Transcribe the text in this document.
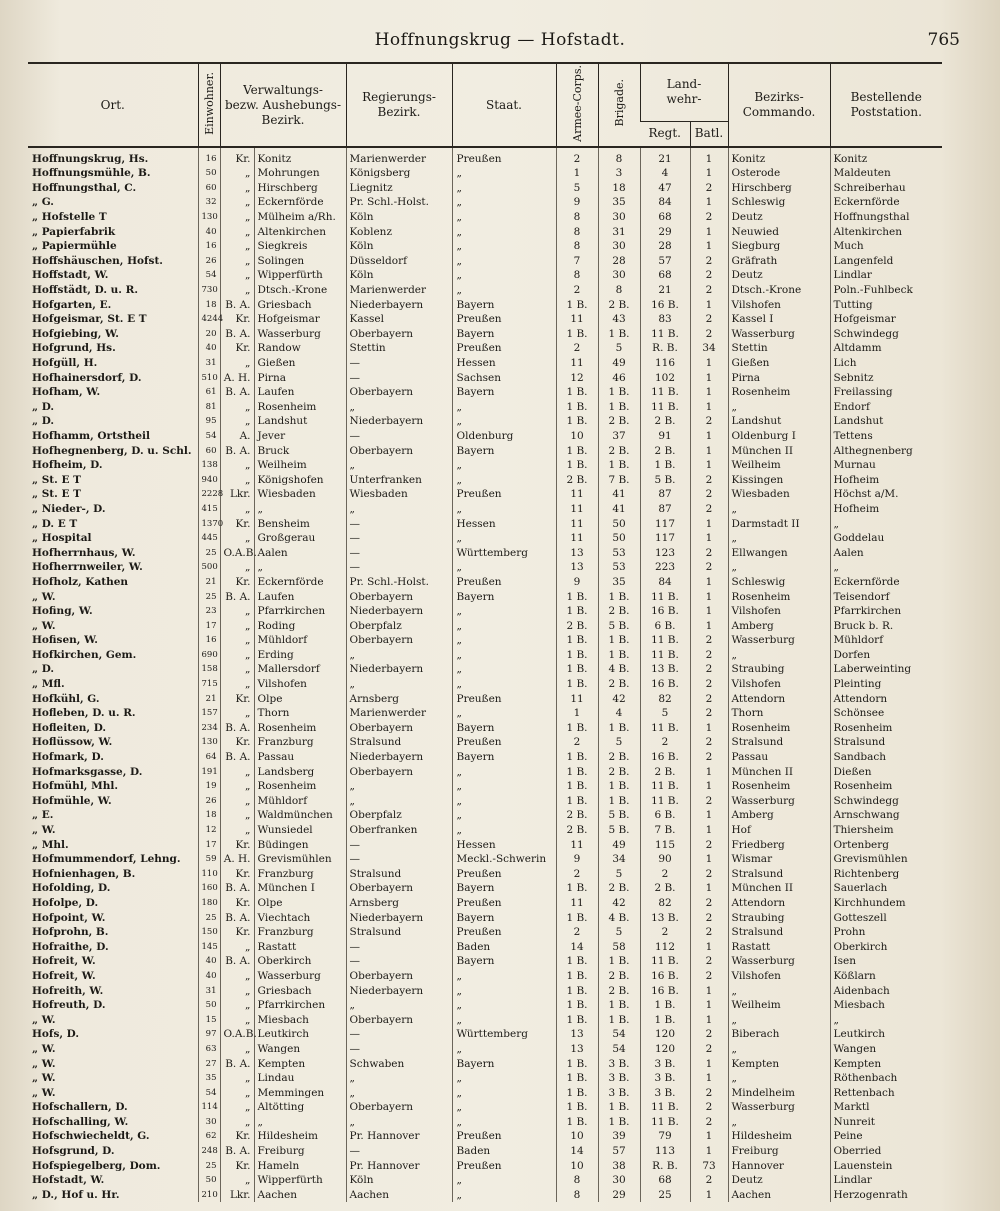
Hoffnungskrug — Hofstadt.	765
Ort.	Einwohner.	Verwaltungs-
bezw. Aushebungs-
Bezirk.		Regierungs-
Bezirk.	Staat.	Armee-Corps.	Brigade.	Land-
wehr-		Bezirks-
Commando.	Bestellende
Poststation.
								Regt.	Batl.		
Hoffnungskrug, Hs.	16	Kr.	Konitz	Marienwerder	Preußen	2	8	21	1	Konitz	Konitz
Hoffnungsmühle, B.	50	„	Mohrungen	Königsberg	„	1	3	4	1	Osterode	Maldeuten
Hoffnungsthal, C.	60	„	Hirschberg	Liegnitz	„	5	18	47	2	Hirschberg	Schreiberhau
„ G.	32	„	Eckernförde	Pr. Schl.-Holst.	„	9	35	84	1	Schleswig	Eckernförde
„ Hofstelle T	130	„	Mülheim a/Rh.	Köln	„	8	30	68	2	Deutz	Hoffnungsthal
„ Papierfabrik	40	„	Altenkirchen	Koblenz	„	8	31	29	1	Neuwied	Altenkirchen
„ Papiermühle	16	„	Siegkreis	Köln	„	8	30	28	1	Siegburg	Much
Hoffshäuschen, Hofst.	26	„	Solingen	Düsseldorf	„	7	28	57	2	Gräfrath	Langenfeld
Hoffstadt, W.	54	„	Wipperfürth	Köln	„	8	30	68	2	Deutz	Lindlar
Hoffstädt, D. u. R.	730	„	Dtsch.-Krone	Marienwerder	„	2	8	21	2	Dtsch.-Krone	Poln.-Fuhlbeck
Hofgarten, E.	18	B. A.	Griesbach	Niederbayern	Bayern	1 B.	2 B.	16 B.	1	Vilshofen	Tutting
Hofgeismar, St. E T	4244	Kr.	Hofgeismar	Kassel	Preußen	11	43	83	2	Kassel I	Hofgeismar
Hofgiebing, W.	20	B. A.	Wasserburg	Oberbayern	Bayern	1 B.	1 B.	11 B.	2	Wasserburg	Schwindegg
Hofgrund, Hs.	40	Kr.	Randow	Stettin	Preußen	2	5	R. B.	34	Stettin	Altdamm
Hofgüll, H.	31	„	Gießen	—	Hessen	11	49	116	1	Gießen	Lich
Hofhainersdorf, D.	510	A. H.	Pirna	—	Sachsen	12	46	102	1	Pirna	Sebnitz
Hofham, W.	61	B. A.	Laufen	Oberbayern	Bayern	1 B.	1 B.	11 B.	1	Rosenheim	Freilassing
„ D.	81	„	Rosenheim	„	„	1 B.	1 B.	11 B.	1	„	Endorf
„ D.	95	„	Landshut	Niederbayern	„	1 B.	2 B.	2 B.	2	Landshut	Landshut
Hofhamm, Ortstheil	54	A.	Jever	—	Oldenburg	10	37	91	1	Oldenburg I	Tettens
Hofhegnenberg, D. u. Schl.	60	B. A.	Bruck	Oberbayern	Bayern	1 B.	2 B.	2 B.	1	München II	Althegnenberg
Hofheim, D.	138	„	Weilheim	„	„	1 B.	1 B.	1 B.	1	Weilheim	Murnau
„ St. E T	940	„	Königshofen	Unterfranken	„	2 B.	7 B.	5 B.	2	Kissingen	Hofheim
„ St. E T	2228	Lkr.	Wiesbaden	Wiesbaden	Preußen	11	41	87	2	Wiesbaden	Höchst a/M.
„ Nieder-, D.	415	„	„	„	„	11	41	87	2	„	Hofheim
„ D. E T	1370	Kr.	Bensheim	—	Hessen	11	50	117	1	Darmstadt II	„
„ Hospital	445	„	Großgerau	—	„	11	50	117	1	„	Goddelau
Hofherrnhaus, W.	25	O.A.B.	Aalen	—	Württemberg	13	53	123	2	Ellwangen	Aalen
Hofherrnweiler, W.	500	„	„	—	„	13	53	223	2	„	„
Hofholz, Kathen	21	Kr.	Eckernförde	Pr. Schl.-Holst.	Preußen	9	35	84	1	Schleswig	Eckernförde
„ W.	25	B. A.	Laufen	Oberbayern	Bayern	1 B.	1 B.	11 B.	1	Rosenheim	Teisendorf
Hofing, W.	23	„	Pfarrkirchen	Niederbayern	„	1 B.	2 B.	16 B.	1	Vilshofen	Pfarrkirchen
„ W.	17	„	Roding	Oberpfalz	„	2 B.	5 B.	6 B.	1	Amberg	Bruck b. R.
Hofisen, W.	16	„	Mühldorf	Oberbayern	„	1 B.	1 B.	11 B.	2	Wasserburg	Mühldorf
Hofkirchen, Gem.	690	„	Erding	„	„	1 B.	1 B.	11 B.	2	„	Dorfen
„ D.	158	„	Mallersdorf	Niederbayern	„	1 B.	4 B.	13 B.	2	Straubing	Laberweinting
„ Mfl.	715	„	Vilshofen	„	„	1 B.	2 B.	16 B.	2	Vilshofen	Pleinting
Hofkühl, G.	21	Kr.	Olpe	Arnsberg	Preußen	11	42	82	2	Attendorn	Attendorn
Hofleben, D. u. R.	157	„	Thorn	Marienwerder	„	1	4	5	2	Thorn	Schönsee
Hofleiten, D.	234	B. A.	Rosenheim	Oberbayern	Bayern	1 B.	1 B.	11 B.	1	Rosenheim	Rosenheim
Hoflüssow, W.	130	Kr.	Franzburg	Stralsund	Preußen	2	5	2	2	Stralsund	Stralsund
Hofmark, D.	64	B. A.	Passau	Niederbayern	Bayern	1 B.	2 B.	16 B.	2	Passau	Sandbach
Hofmarksgasse, D.	191	„	Landsberg	Oberbayern	„	1 B.	2 B.	2 B.	1	München II	Dießen
Hofmühl, Mhl.	19	„	Rosenheim	„	„	1 B.	1 B.	11 B.	1	Rosenheim	Rosenheim
Hofmühle, W.	26	„	Mühldorf	„	„	1 B.	1 B.	11 B.	2	Wasserburg	Schwindegg
„ E.	18	„	Waldmünchen	Oberpfalz	„	2 B.	5 B.	6 B.	1	Amberg	Arnschwang
„ W.	12	„	Wunsiedel	Oberfranken	„	2 B.	5 B.	7 B.	1	Hof	Thiersheim
„ Mhl.	17	Kr.	Büdingen	—	Hessen	11	49	115	2	Friedberg	Ortenberg
Hofmummendorf, Lehng.	59	A. H.	Grevismühlen	—	Meckl.-Schwerin	9	34	90	1	Wismar	Grevismühlen
Hofnienhagen, B.	110	Kr.	Franzburg	Stralsund	Preußen	2	5	2	2	Stralsund	Richtenberg
Hofolding, D.	160	B. A.	München I	Oberbayern	Bayern	1 B.	2 B.	2 B.	1	München II	Sauerlach
Hofolpe, D.	180	Kr.	Olpe	Arnsberg	Preußen	11	42	82	2	Attendorn	Kirchhundem
Hofpoint, W.	25	B. A.	Viechtach	Niederbayern	Bayern	1 B.	4 B.	13 B.	2	Straubing	Gotteszell
Hofprohn, B.	150	Kr.	Franzburg	Stralsund	Preußen	2	5	2	2	Stralsund	Prohn
Hofraithe, D.	145	„	Rastatt	—	Baden	14	58	112	1	Rastatt	Oberkirch
Hofreit, W.	40	B. A.	Oberkirch	—	Bayern	1 B.	1 B.	11 B.	2	Wasserburg	Isen
Hofreit, W.	40	„	Wasserburg	Oberbayern	„	1 B.	2 B.	16 B.	2	Vilshofen	Kößlarn
Hofreith, W.	31	„	Griesbach	Niederbayern	„	1 B.	2 B.	16 B.	1	„	Aidenbach
Hofreuth, D.	50	„	Pfarrkirchen	„	„	1 B.	1 B.	1 B.	1	Weilheim	Miesbach
„ W.	15	„	Miesbach	Oberbayern	„	1 B.	1 B.	1 B.	1	„	„
Hofs, D.	97	O.A.B.	Leutkirch	—	Württemberg	13	54	120	2	Biberach	Leutkirch
„ W.	63	„	Wangen	—	„	13	54	120	2	„	Wangen
„ W.	27	B. A.	Kempten	Schwaben	Bayern	1 B.	3 B.	3 B.	1	Kempten	Kempten
„ W.	35	„	Lindau	„	„	1 B.	3 B.	3 B.	1	„	Röthenbach
„ W.	54	„	Memmingen	„	„	1 B.	3 B.	3 B.	2	Mindelheim	Rettenbach
Hofschallern, D.	114	„	Altötting	Oberbayern	„	1 B.	1 B.	11 B.	2	Wasserburg	Marktl
Hofschalling, W.	30	„	„	„	„	1 B.	1 B.	11 B.	2	„	Nunreit
Hofschwiecheldt, G.	62	Kr.	Hildesheim	Pr. Hannover	Preußen	10	39	79	1	Hildesheim	Peine
Hofsgrund, D.	248	B. A.	Freiburg	—	Baden	14	57	113	1	Freiburg	Oberried
Hofspiegelberg, Dom.	25	Kr.	Hameln	Pr. Hannover	Preußen	10	38	R. B.	73	Hannover	Lauenstein
Hofstadt, W.	50	„	Wipperfürth	Köln	„	8	30	68	2	Deutz	Lindlar
„ D., Hof u. Hr.	210	Lkr.	Aachen	Aachen	„	8	29	25	1	Aachen	Herzogenrath
